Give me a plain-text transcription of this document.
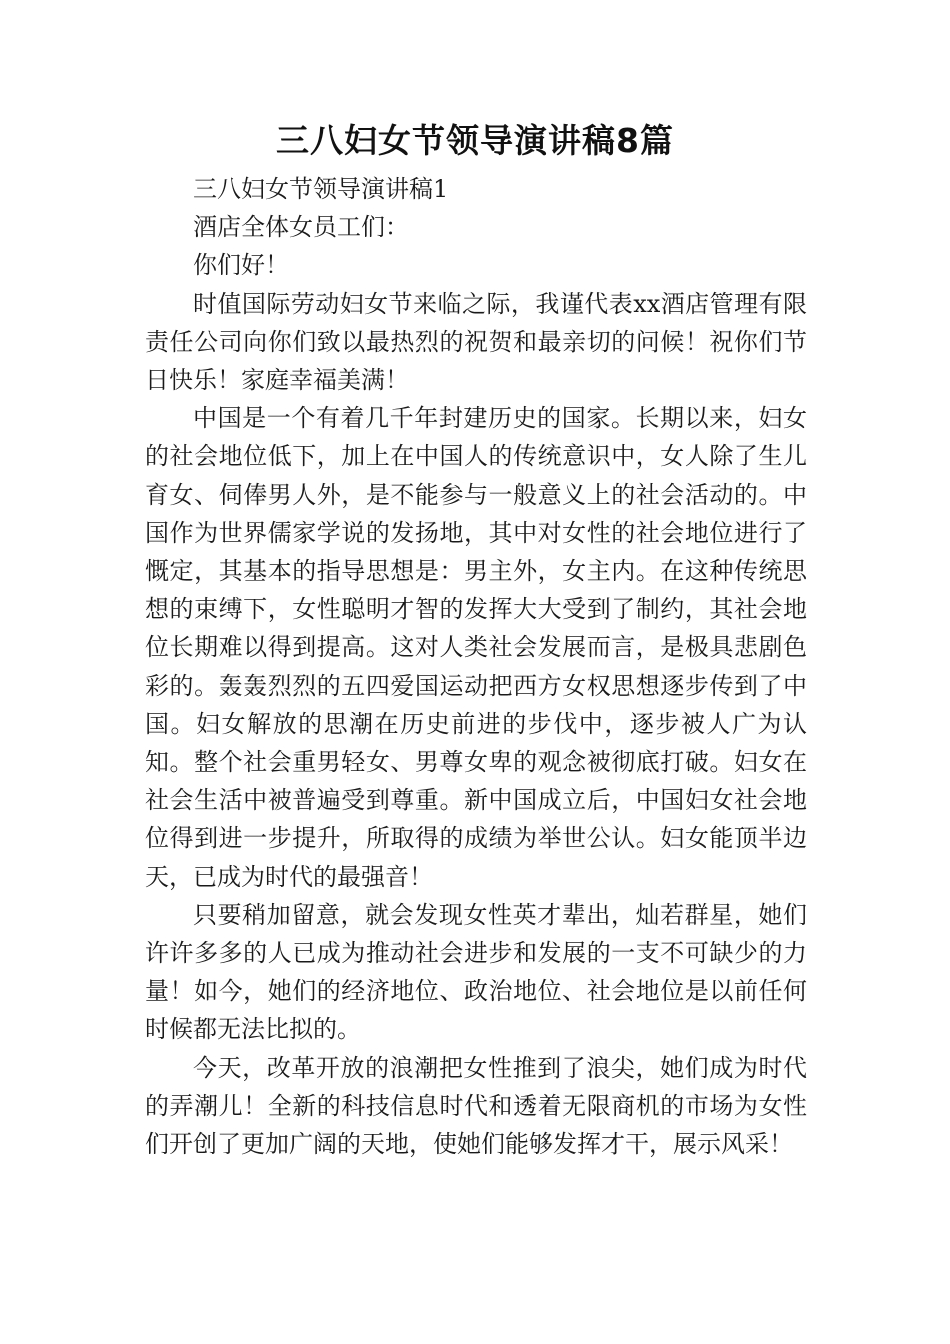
三八妇女节领导演讲稿8篇

三八妇女节领导演讲稿1

酒店全体女员工们：

你们好！

时值国际劳动妇女节来临之际，我谨代表xx酒店管理有限责任公司向你们致以最热烈的祝贺和最亲切的问候！祝你们节日快乐！家庭幸福美满！

中国是一个有着几千年封建历史的国家。长期以来，妇女的社会地位低下，加上在中国人的传统意识中，女人除了生儿育女、伺俸男人外，是不能参与一般意义上的社会活动的。中国作为世界儒家学说的发扬地，其中对女性的社会地位进行了慨定，其基本的指导思想是：男主外，女主内。在这种传统思想的束缚下，女性聪明才智的发挥大大受到了制约，其社会地位长期难以得到提高。这对人类社会发展而言，是极具悲剧色彩的。轰轰烈烈的五四爱国运动把西方女权思想逐步传到了中国。妇女解放的思潮在历史前进的步伐中，逐步被人广为认知。整个社会重男轻女、男尊女卑的观念被彻底打破。妇女在社会生活中被普遍受到尊重。新中国成立后，中国妇女社会地位得到进一步提升，所取得的成绩为举世公认。妇女能顶半边天，已成为时代的最强音！

只要稍加留意，就会发现女性英才辈出，灿若群星，她们许许多多的人已成为推动社会进步和发展的一支不可缺少的力量！如今，她们的经济地位、政治地位、社会地位是以前任何时候都无法比拟的。

今天，改革开放的浪潮把女性推到了浪尖，她们成为时代的弄潮儿！全新的科技信息时代和透着无限商机的市场为女性们开创了更加广阔的天地，使她们能够发挥才干，展示风采！
